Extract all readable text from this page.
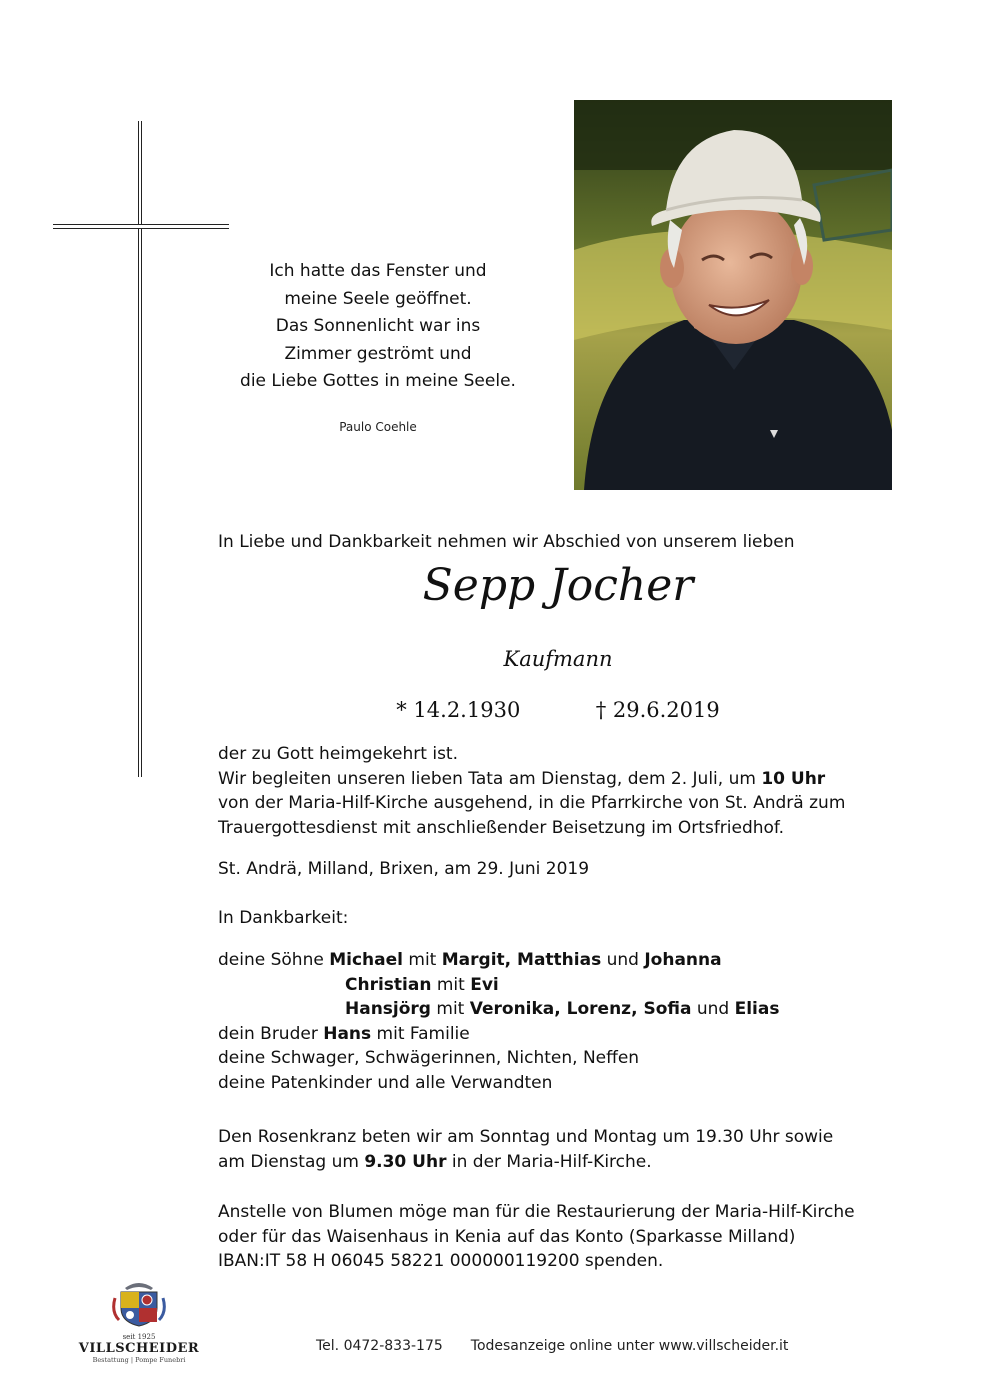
Ich hatte das Fenster und
meine Seele geöffnet.
Das Sonnenlicht war ins
Zimmer geströmt und
die Liebe Gottes in meine Seele.
Paulo Coehle
In Liebe und Dankbarkeit nehmen wir Abschied von unserem lieben
Sepp Jocher
Kaufmann
* 14.2.1930	† 29.6.2019
der zu Gott heimgekehrt ist.
Wir begleiten unseren lieben Tata am Dienstag, dem 2. Juli, um 10 Uhr
von der Maria-Hilf-Kirche ausgehend, in die Pfarrkirche von St. Andrä zum
Trauergottesdienst mit anschließender Beisetzung im Ortsfriedhof.
St. Andrä, Milland, Brixen, am 29. Juni 2019
In Dankbarkeit:
deine Söhne Michael mit Margit, Matthias und Johanna
Christian mit Evi
Hansjörg mit Veronika, Lorenz, Sofia und Elias
dein Bruder Hans mit Familie
deine Schwager, Schwägerinnen, Nichten, Neffen
deine Patenkinder und alle Verwandten
Den Rosenkranz beten wir am Sonntag und Montag um 19.30 Uhr sowie
am Dienstag um 9.30 Uhr in der Maria-Hilf-Kirche.
Anstelle von Blumen möge man für die Restaurierung der Maria-Hilf-Kirche
oder für das Waisenhaus in Kenia auf das Konto (Sparkasse Milland)
IBAN:IT 58 H 06045 58221 000000119200 spenden.
seit 1925
VILLSCHEIDER
Bestattung | Pompe Funebri
Tel. 0472-833-175 Todesanzeige online unter www.villscheider.it
